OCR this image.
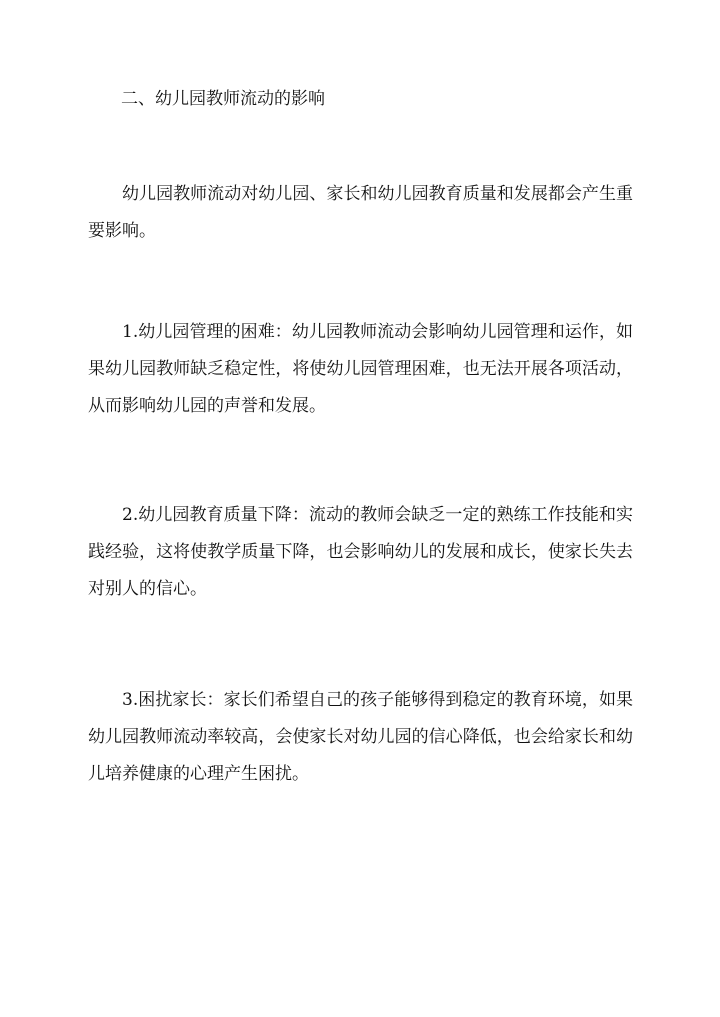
二、幼儿园教师流动的影响

幼儿园教师流动对幼儿园、家长和幼儿园教育质量和发展都会产生重要影响。

1.幼儿园管理的困难：幼儿园教师流动会影响幼儿园管理和运作，如果幼儿园教师缺乏稳定性，将使幼儿园管理困难，也无法开展各项活动，从而影响幼儿园的声誉和发展。

2.幼儿园教育质量下降：流动的教师会缺乏一定的熟练工作技能和实践经验，这将使教学质量下降，也会影响幼儿的发展和成长，使家长失去对别人的信心。

3.困扰家长：家长们希望自己的孩子能够得到稳定的教育环境，如果幼儿园教师流动率较高，会使家长对幼儿园的信心降低，也会给家长和幼儿培养健康的心理产生困扰。
